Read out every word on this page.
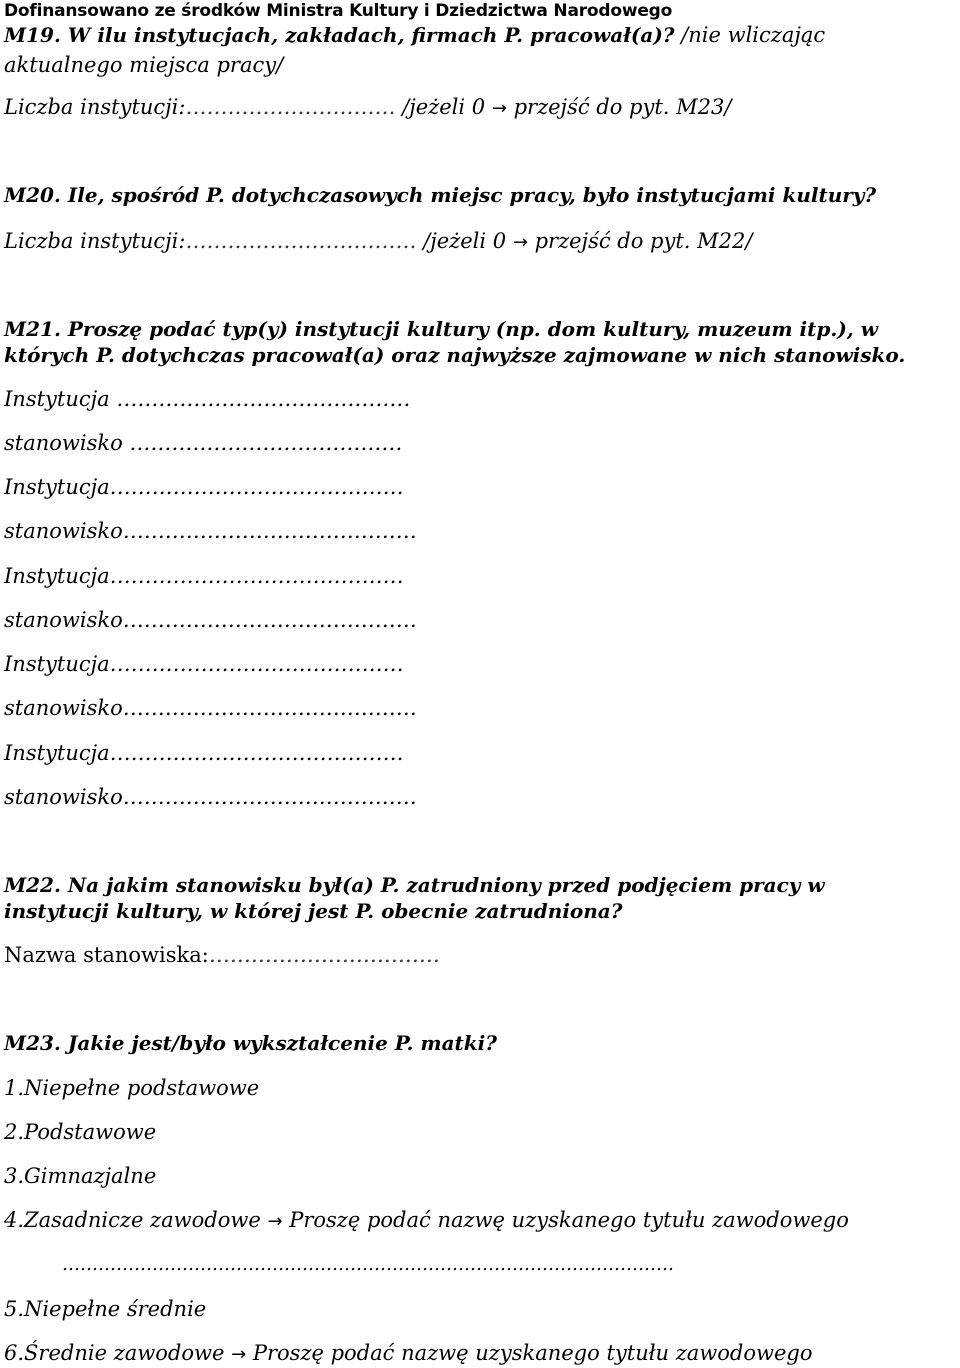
Dofinansowano ze środków Ministra Kultury i Dziedzictwa Narodowego
M19. W ilu instytucjach, zakładach, firmach P. pracował(a)? /nie wliczając
aktualnego miejsca pracy/
Liczba instytucji:………………………… /jeżeli 0 → przejść do pyt. M23/
M20. Ile, spośród P. dotychczasowych miejsc pracy, było instytucjami kultury?
Liczba instytucji:…………………………… /jeżeli 0 → przejść do pyt. M22/
M21. Proszę podać typ(y) instytucji kultury (np. dom kultury, muzeum itp.), w
których P. dotychczas pracował(a) oraz najwyższe zajmowane w nich stanowisko.
Instytucja ……………………………………
stanowisko …………………………………
Instytucja……………………………………
stanowisko……………………………………
Instytucja……………………………………
stanowisko……………………………………
Instytucja……………………………………
stanowisko……………………………………
Instytucja……………………………………
stanowisko……………………………………
M22. Na jakim stanowisku był(a) P. zatrudniony przed podjęciem pracy w
instytucji kultury, w której jest P. obecnie zatrudniona?
Nazwa stanowiska:……………………………
M23. Jakie jest/było wykształcenie P. matki?
1.Niepełne podstawowe
2.Podstawowe
3.Gimnazjalne
4.Zasadnicze zawodowe → Proszę podać nazwę uzyskanego tytułu zawodowego
…………………………………………………………………………………………
5.Niepełne średnie
6.Średnie zawodowe → Proszę podać nazwę uzyskanego tytułu zawodowego
